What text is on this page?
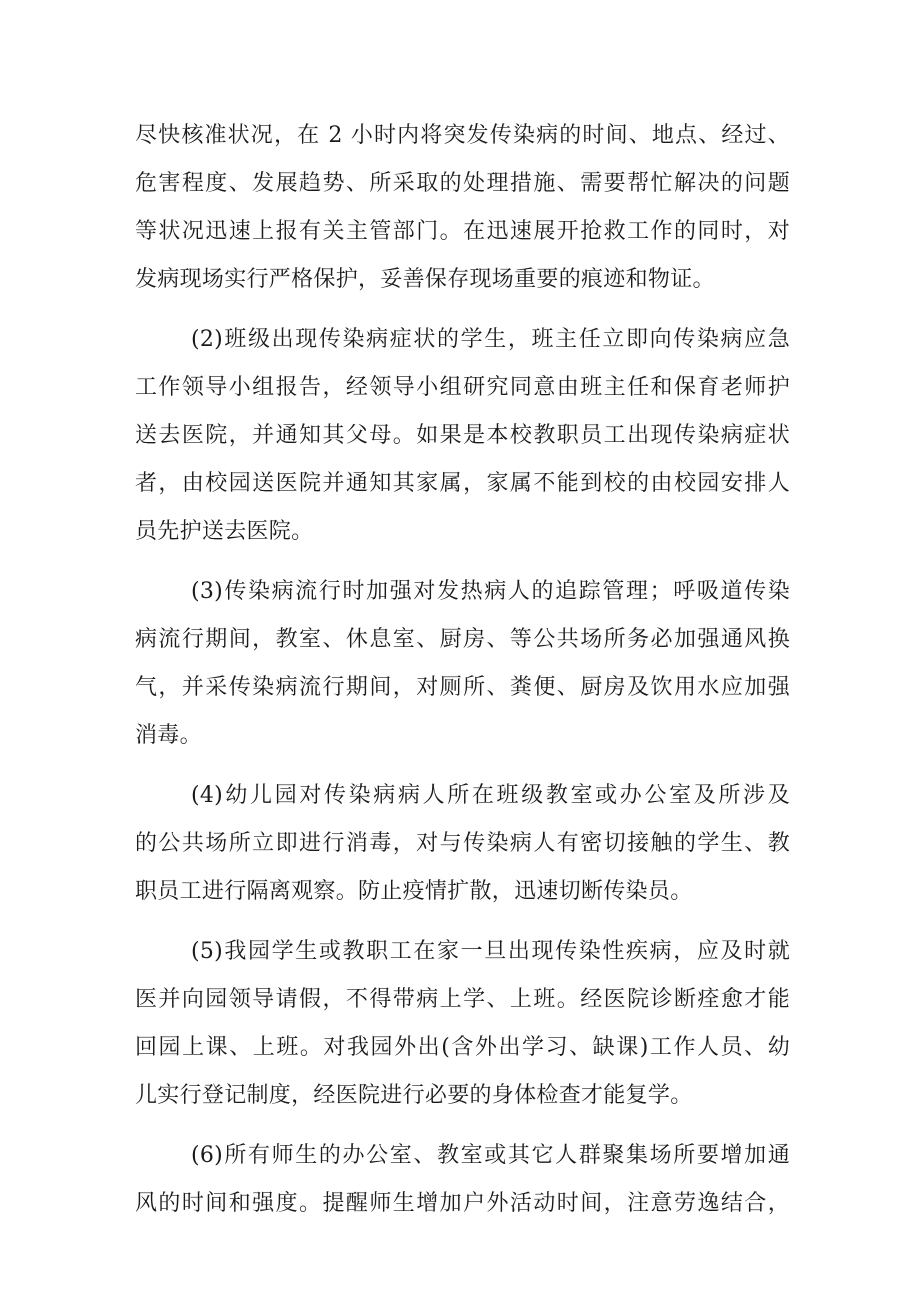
尽快核准状况，在 2 小时内将突发传染病的时间、地点、经过、
危害程度、发展趋势、所采取的处理措施、需要帮忙解决的问题
等状况迅速上报有关主管部门。在迅速展开抢救工作的同时，对
发病现场实行严格保护，妥善保存现场重要的痕迹和物证。
(2)班级出现传染病症状的学生，班主任立即向传染病应急
工作领导小组报告，经领导小组研究同意由班主任和保育老师护
送去医院，并通知其父母。如果是本校教职员工出现传染病症状
者，由校园送医院并通知其家属，家属不能到校的由校园安排人
员先护送去医院。
(3)传染病流行时加强对发热病人的追踪管理；呼吸道传染
病流行期间，教室、休息室、厨房、等公共场所务必加强通风换
气，并采传染病流行期间，对厕所、粪便、厨房及饮用水应加强
消毒。
(4)幼儿园对传染病病人所在班级教室或办公室及所涉及
的公共场所立即进行消毒，对与传染病人有密切接触的学生、教
职员工进行隔离观察。防止疫情扩散，迅速切断传染员。
(5)我园学生或教职工在家一旦出现传染性疾病，应及时就
医并向园领导请假，不得带病上学、上班。经医院诊断痊愈才能
回园上课、上班。对我园外出(含外出学习、缺课)工作人员、幼
儿实行登记制度，经医院进行必要的身体检查才能复学。
(6)所有师生的办公室、教室或其它人群聚集场所要增加通
风的时间和强度。提醒师生增加户外活动时间，注意劳逸结合，
